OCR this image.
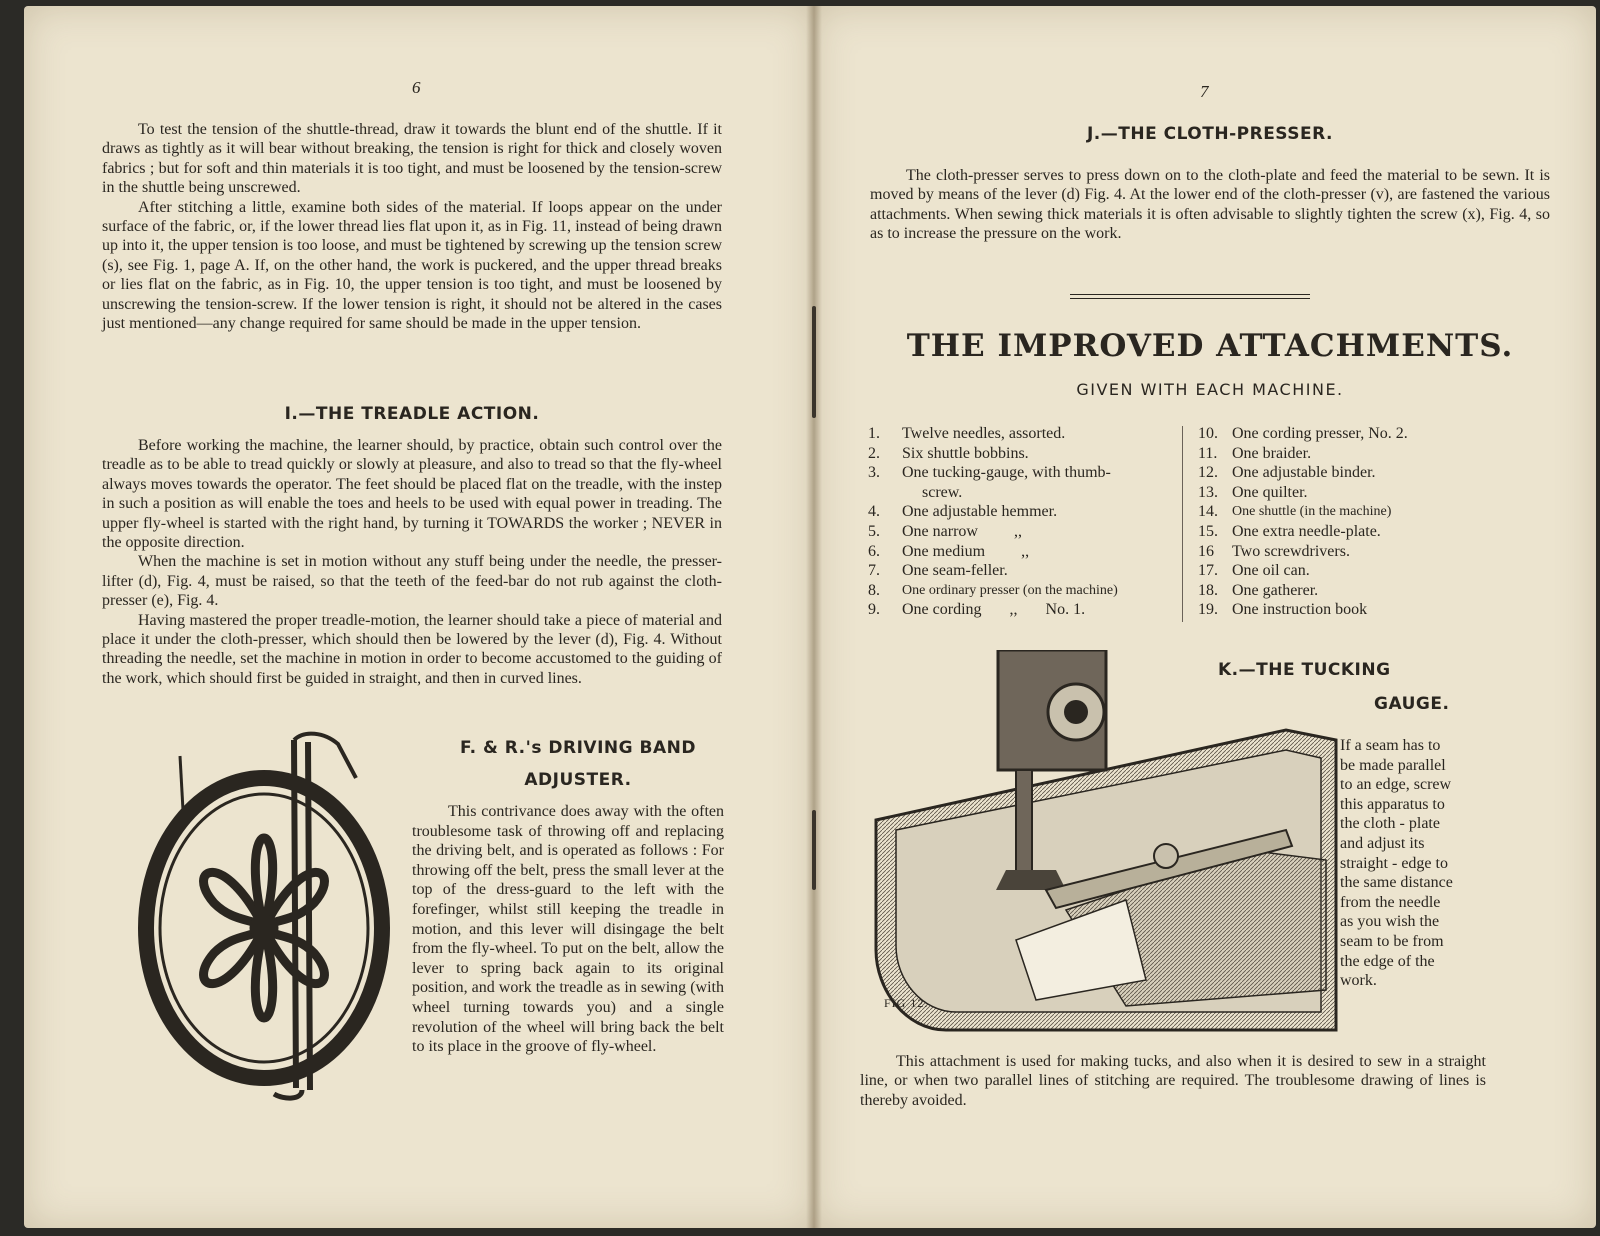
6

To test the tension of the shuttle-thread, draw it towards the blunt end of the shuttle. If it draws as tightly as it will bear without breaking, the tension is right for thick and closely woven fabrics ; but for soft and thin materials it is too tight, and must be loosened by the tension-screw in the shuttle being unscrewed.

After stitching a little, examine both sides of the material. If loops appear on the under surface of the fabric, or, if the lower thread lies flat upon it, as in Fig. 11, instead of being drawn up into it, the upper tension is too loose, and must be tightened by screwing up the tension screw (s), see Fig. 1, page A. If, on the other hand, the work is puckered, and the upper thread breaks or lies flat on the fabric, as in Fig. 10, the upper tension is too tight, and must be loosened by unscrewing the tension-screw. If the lower tension is right, it should not be altered in the cases just mentioned—any change required for same should be made in the upper tension.

I.—THE TREADLE ACTION.

Before working the machine, the learner should, by practice, obtain such control over the treadle as to be able to tread quickly or slowly at pleasure, and also to tread so that the fly-wheel always moves towards the operator. The feet should be placed flat on the treadle, with the instep in such a position as will enable the toes and heels to be used with equal power in treading. The upper fly-wheel is started with the right hand, by turning it TOWARDS the worker ; NEVER in the opposite direction.

When the machine is set in motion without any stuff being under the needle, the presser-lifter (d), Fig. 4, must be raised, so that the teeth of the feed-bar do not rub against the cloth-presser (e), Fig. 4.

Having mastered the proper treadle-motion, the learner should take a piece of material and place it under the cloth-presser, which should then be lowered by the lever (d), Fig. 4. Without threading the needle, set the machine in motion in order to become accustomed to the guiding of the work, which should first be guided in straight, and then in curved lines.

F. & R.'s DRIVING BAND
ADJUSTER.

This contrivance does away with the often troublesome task of throwing off and replacing the driving belt, and is operated as follows : For throwing off the belt, press the small lever at the top of the dress-guard to the left with the forefinger, whilst still keeping the treadle in motion, and this lever will disingage the belt from the fly-wheel. To put on the belt, allow the lever to spring back again to its original position, and work the treadle as in sewing (with wheel turning towards you) and a single revolution of the wheel will bring back the belt to its place in the groove of fly-wheel.

7
J.—THE CLOTH-PRESSER.

The cloth-presser serves to press down on to the cloth-plate and feed the material to be sewn. It is moved by means of the lever (d) Fig. 4. At the lower end of the cloth-presser (v), are fastened the various attachments. When sewing thick materials it is often advisable to slightly tighten the screw (x), Fig. 4, so as to increase the pressure on the work.

THE IMPROVED ATTACHMENTS.
GIVEN WITH EACH MACHINE.
1.	Twelve needles, assorted.
2.	Six shuttle bobbins.
3.	One tucking-gauge, with thumb-
screw.
4.	One adjustable hemmer.
5.	One narrow         ,,
6.	One medium         ,,
7.	One seam-feller.
8.	One ordinary presser (on the machine)
9.	One cording       ,,       No. 1.
10. One cording presser, No. 2.
11. One braider.
12. One adjustable binder.
13. One quilter.
14.	One shuttle (in the machine)
15. One extra needle-plate.
16	Two screwdrivers.
17. One oil can.
18. One gatherer.
19. One instruction book
FIG 12.
K.—THE TUCKING
GAUGE.
If a seam has to
be made parallel
to an edge, screw
this apparatus to
the cloth - plate
and adjust its
straight - edge to
the same distance
from the needle
as you wish the
seam to be from
the edge of the
work.

This attachment is used for making tucks, and also when it is desired to sew in a straight line, or when two parallel lines of stitching are required. The troublesome drawing of lines is thereby avoided.
